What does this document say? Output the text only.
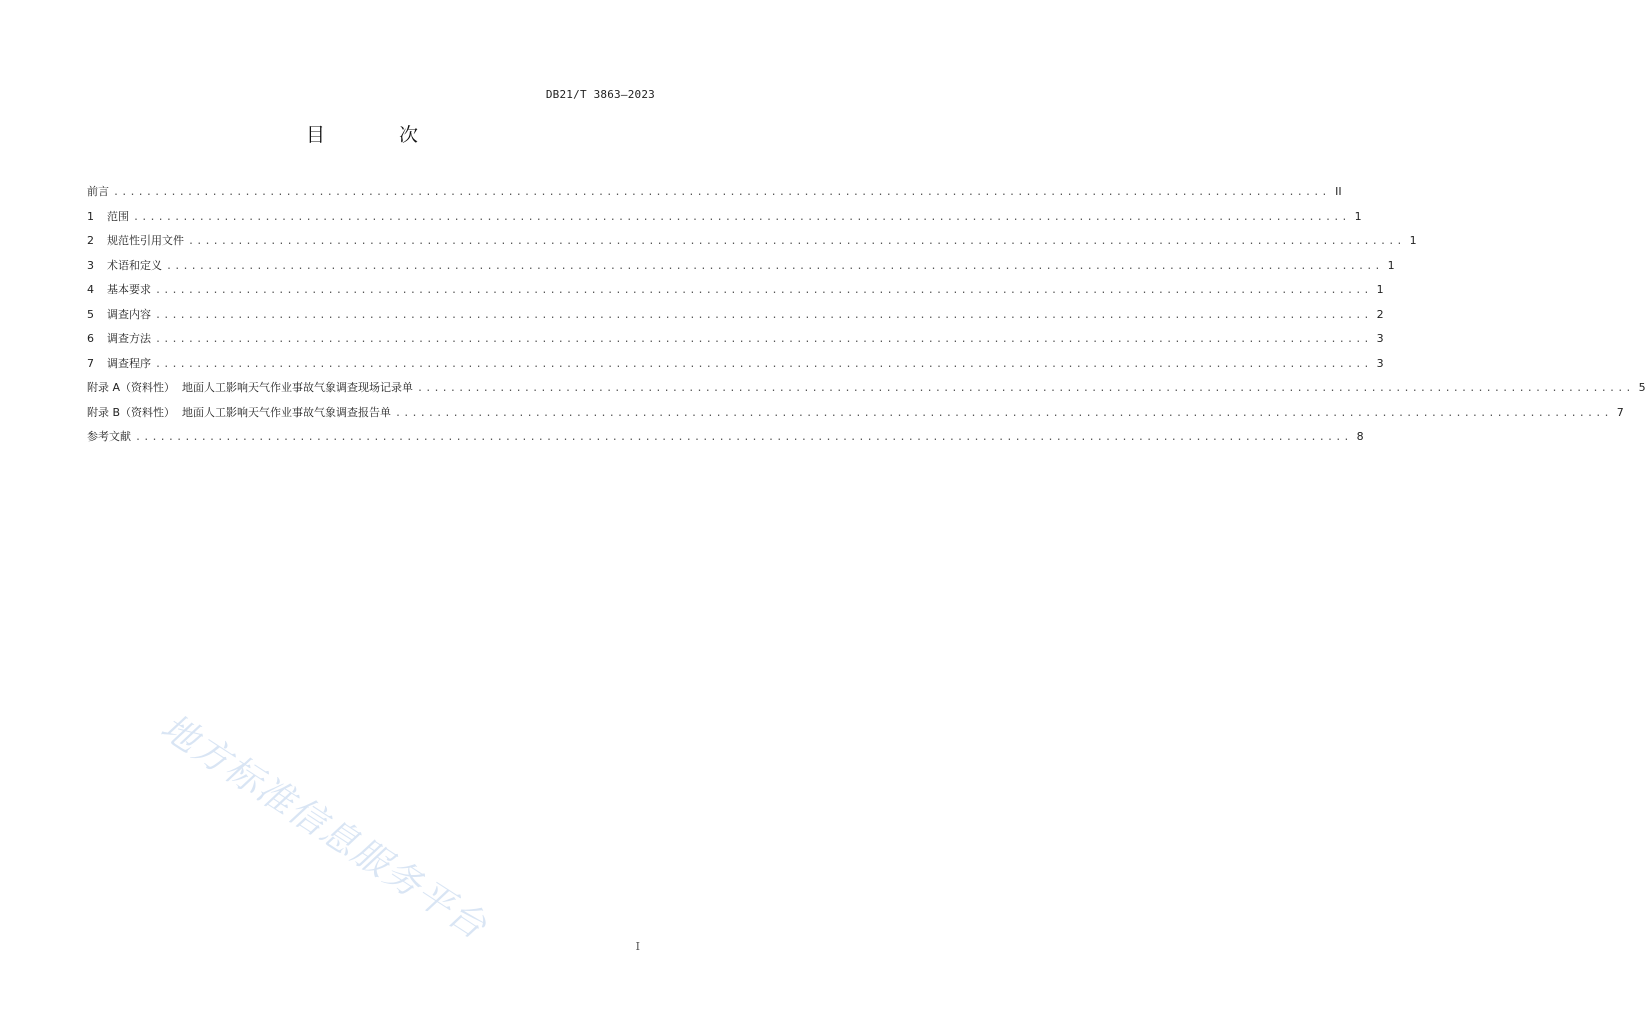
DB21/T 3863—2023
目 次
前言 .................................................................................................................................................... II
1	范围 .................................................................................................................................................... 1
2	规范性引用文件 .................................................................................................................................................... 1
3	术语和定义 .................................................................................................................................................... 1
4	基本要求 .................................................................................................................................................... 1
5	调查内容 .................................................................................................................................................... 2
6	调查方法 .................................................................................................................................................... 3
7	调查程序 .................................................................................................................................................... 3
附录 A（资料性）  地面人工影响天气作业事故气象调查现场记录单 .................................................................................................................................................... 5
附录 B（资料性）  地面人工影响天气作业事故气象调查报告单 .................................................................................................................................................... 7
参考文献 .................................................................................................................................................... 8
地方标准信息服务平台	I
